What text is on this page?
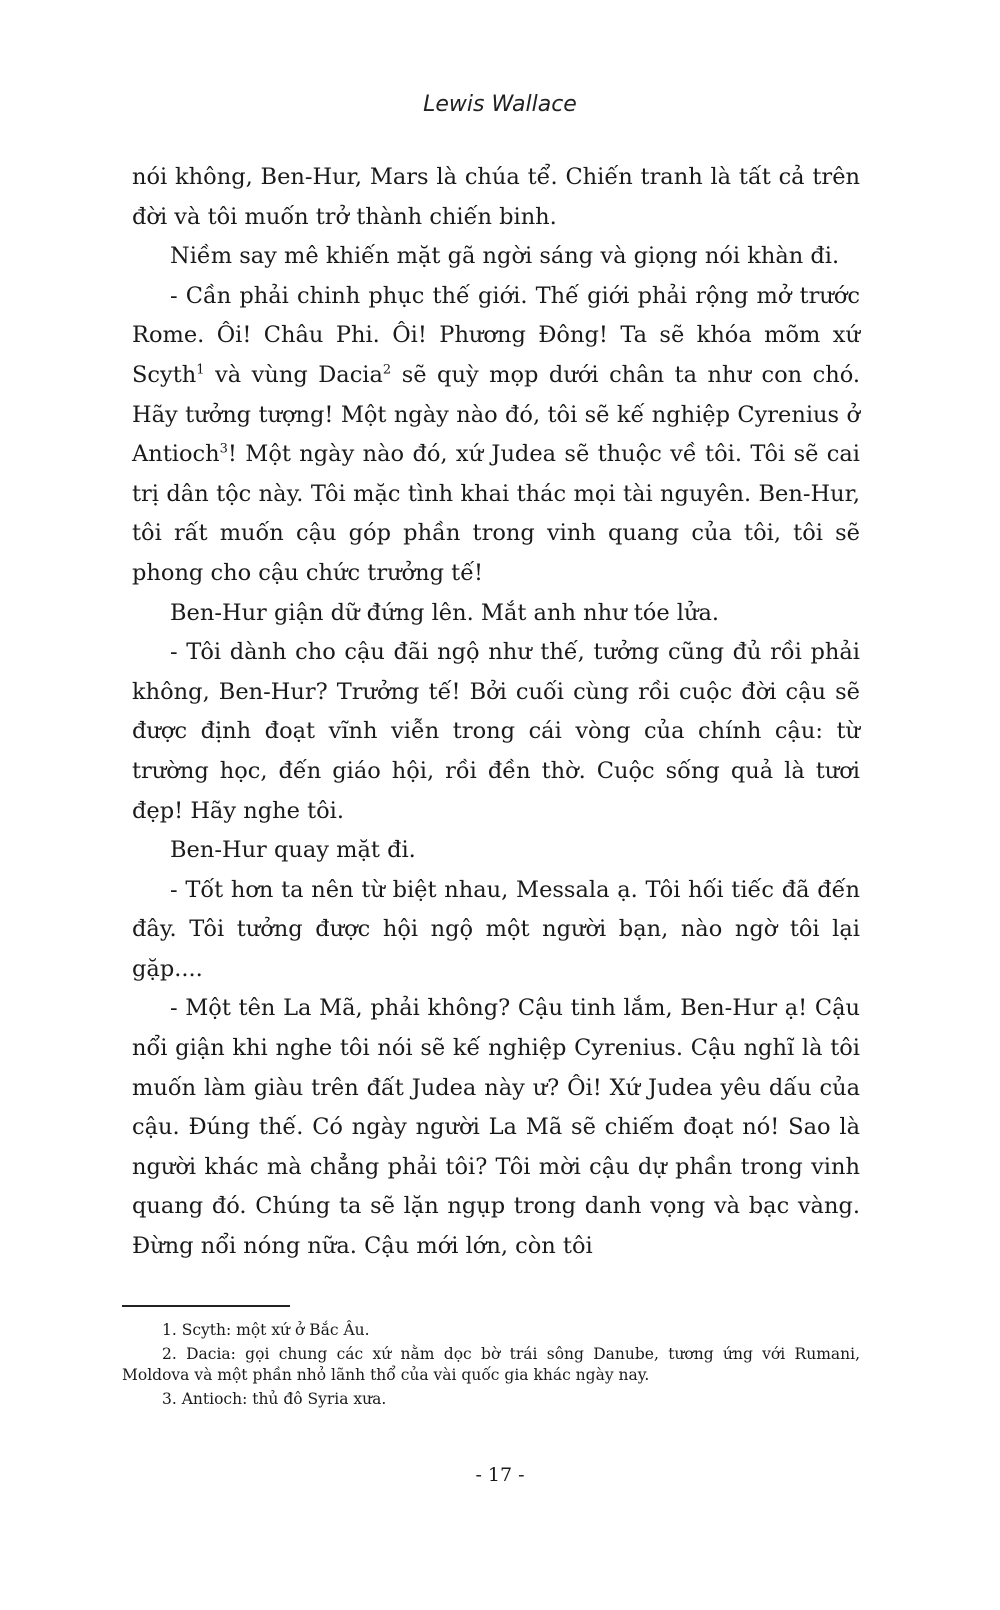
Lewis Wallace

nói không, Ben-Hur, Mars là chúa tể. Chiến tranh là tất cả trên đời và tôi muốn trở thành chiến binh.

Niềm say mê khiến mặt gã ngời sáng và giọng nói khàn đi.

- Cần phải chinh phục thế giới. Thế giới phải rộng mở trước Rome. Ôi! Châu Phi. Ôi! Phương Đông! Ta sẽ khóa mõm xứ Scyth$^1$ và vùng Dacia$^2$ sẽ quỳ mọp dưới chân ta như con chó. Hãy tưởng tượng! Một ngày nào đó, tôi sẽ kế nghiệp Cyrenius ở Antioch$^3$! Một ngày nào đó, xứ Judea sẽ thuộc về tôi. Tôi sẽ cai trị dân tộc này. Tôi mặc tình khai thác mọi tài nguyên. Ben-Hur, tôi rất muốn cậu góp phần trong vinh quang của tôi, tôi sẽ phong cho cậu chức trưởng tế!

Ben-Hur giận dữ đứng lên. Mắt anh như tóe lửa.

- Tôi dành cho cậu đãi ngộ như thế, tưởng cũng đủ rồi phải không, Ben-Hur? Trưởng tế! Bởi cuối cùng rồi cuộc đời cậu sẽ được định đoạt vĩnh viễn trong cái vòng của chính cậu: từ trường học, đến giáo hội, rồi đền thờ. Cuộc sống quả là tươi đẹp! Hãy nghe tôi.

Ben-Hur quay mặt đi.

- Tốt hơn ta nên từ biệt nhau, Messala ạ. Tôi hối tiếc đã đến đây. Tôi tưởng được hội ngộ một người bạn, nào ngờ tôi lại gặp....

- Một tên La Mã, phải không? Cậu tinh lắm, Ben-Hur ạ! Cậu nổi giận khi nghe tôi nói sẽ kế nghiệp Cyrenius. Cậu nghĩ là tôi muốn làm giàu trên đất Judea này ư? Ôi! Xứ Judea yêu dấu của cậu. Đúng thế. Có ngày người La Mã sẽ chiếm đoạt nó! Sao là người khác mà chẳng phải tôi? Tôi mời cậu dự phần trong vinh quang đó. Chúng ta sẽ lặn ngụp trong danh vọng và bạc vàng. Đừng nổi nóng nữa. Cậu mới lớn, còn tôi

1. Scyth: một xứ ở Bắc Âu.

2. Dacia: gọi chung các xứ nằm dọc bờ trái sông Danube, tương ứng với Rumani, Moldova và một phần nhỏ lãnh thổ của vài quốc gia khác ngày nay.

3. Antioch: thủ đô Syria xưa.

- 17 -
